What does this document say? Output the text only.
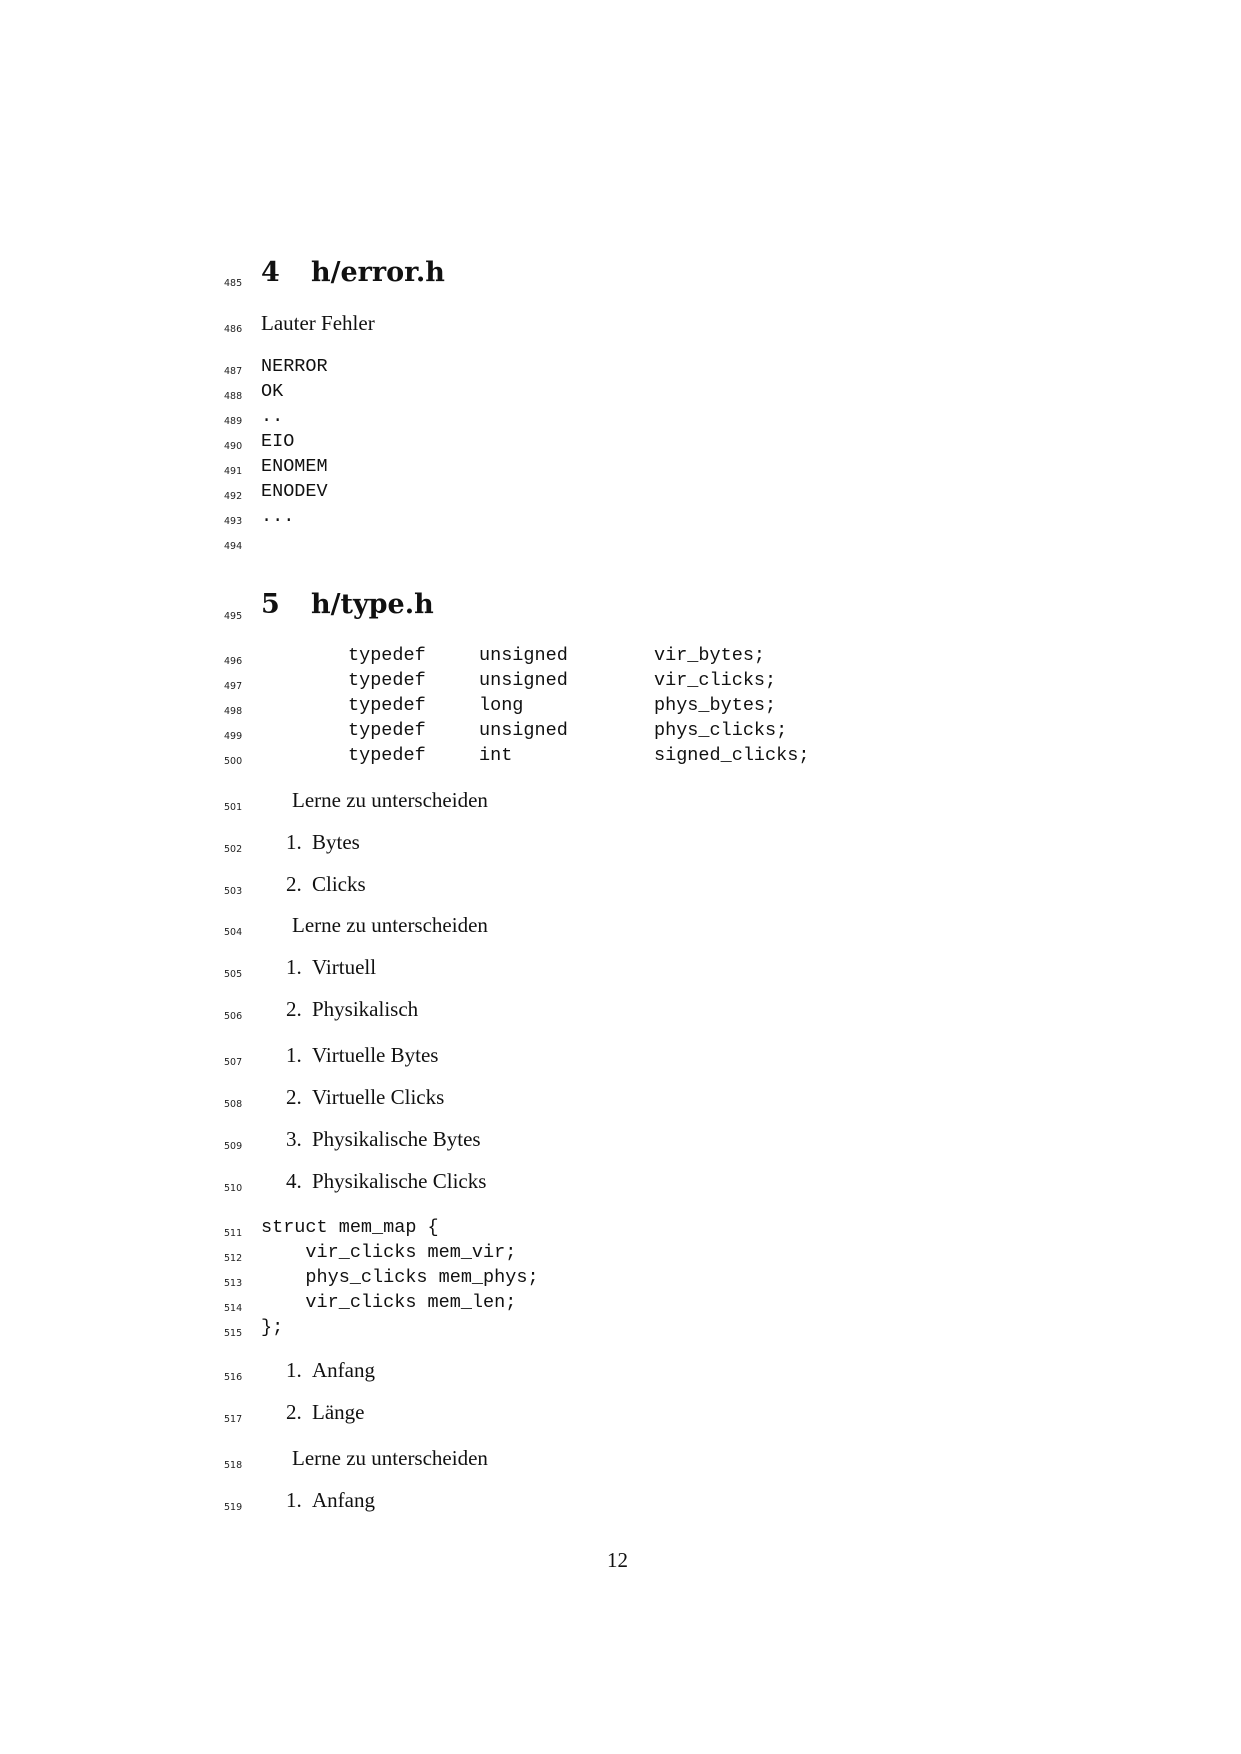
485 4 h/error.h
486 Lauter Fehler
487	NERROR
488	OK
489	..
490	EIO
491	ENOMEM
492	ENODEV
493	...
494
495 5 h/type.h
496	typedef	unsigned	vir_bytes;
497	typedef	unsigned	vir_clicks;
498	typedef	long	phys_bytes;
499	typedef	unsigned	phys_clicks;
500	typedef	int	signed_clicks;
501	Lerne zu unterscheiden
502	1. Bytes
503	2. Clicks
504	Lerne zu unterscheiden
505	1. Virtuell
506	2. Physikalisch
507	1. Virtuelle Bytes
508	2. Virtuelle Clicks
509	3. Physikalische Bytes
510	4. Physikalische Clicks
511	struct mem_map {
512	vir_clicks mem_vir;
513	phys_clicks mem_phys;
514	vir_clicks mem_len;
515	};
516	1. Anfang
517	2. Länge
518	Lerne zu unterscheiden
519	1. Anfang
12
